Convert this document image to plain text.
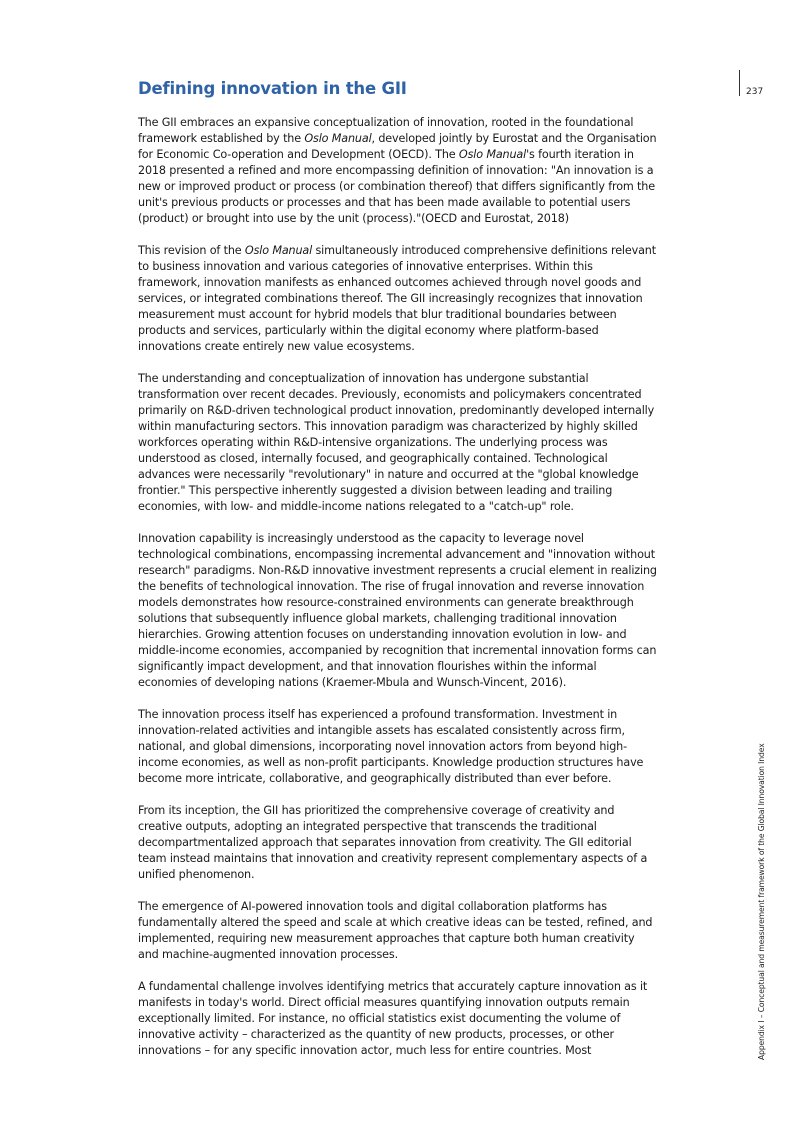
Defining innovation in the GII	237

The GII embraces an expansive conceptualization of innovation, rooted in the foundational framework established by the Oslo Manual, developed jointly by Eurostat and the Organisation for Economic Co-operation and Development (OECD). The Oslo Manual's fourth iteration in 2018 presented a refined and more encompassing definition of innovation: "An innovation is a new or improved product or process (or combination thereof) that differs significantly from the unit's previous products or processes and that has been made available to potential users (product) or brought into use by the unit (process)."(OECD and Eurostat, 2018)

This revision of the Oslo Manual simultaneously introduced comprehensive definitions relevant to business innovation and various categories of innovative enterprises. Within this framework, innovation manifests as enhanced outcomes achieved through novel goods and services, or integrated combinations thereof. The GII increasingly recognizes that innovation measurement must account for hybrid models that blur traditional boundaries between products and services, particularly within the digital economy where platform-based innovations create entirely new value ecosystems.

The understanding and conceptualization of innovation has undergone substantial transformation over recent decades. Previously, economists and policymakers concentrated primarily on R&D-driven technological product innovation, predominantly developed internally within manufacturing sectors. This innovation paradigm was characterized by highly skilled workforces operating within R&D-intensive organizations. The underlying process was understood as closed, internally focused, and geographically contained. Technological advances were necessarily "revolutionary" in nature and occurred at the "global knowledge frontier." This perspective inherently suggested a division between leading and trailing economies, with low- and middle-income nations relegated to a "catch-up" role.

Innovation capability is increasingly understood as the capacity to leverage novel technological combinations, encompassing incremental advancement and "innovation without research" paradigms. Non-R&D innovative investment represents a crucial element in realizing the benefits of technological innovation. The rise of frugal innovation and reverse innovation models demonstrates how resource-constrained environments can generate breakthrough solutions that subsequently influence global markets, challenging traditional innovation hierarchies. Growing attention focuses on understanding innovation evolution in low- and middle-income economies, accompanied by recognition that incremental innovation forms can significantly impact development, and that innovation flourishes within the informal economies of developing nations (Kraemer-Mbula and Wunsch-Vincent, 2016).

The innovation process itself has experienced a profound transformation. Investment in innovation-related activities and intangible assets has escalated consistently across firm, national, and global dimensions, incorporating novel innovation actors from beyond high-income economies, as well as non-profit participants. Knowledge production structures have become more intricate, collaborative, and geographically distributed than ever before.

From its inception, the GII has prioritized the comprehensive coverage of creativity and creative outputs, adopting an integrated perspective that transcends the traditional decompartmentalized approach that separates innovation from creativity. The GII editorial team instead maintains that innovation and creativity represent complementary aspects of a unified phenomenon.

The emergence of AI-powered innovation tools and digital collaboration platforms has fundamentally altered the speed and scale at which creative ideas can be tested, refined, and implemented, requiring new measurement approaches that capture both human creativity and machine-augmented innovation processes.

A fundamental challenge involves identifying metrics that accurately capture innovation as it manifests in today's world. Direct official measures quantifying innovation outputs remain exceptionally limited. For instance, no official statistics exist documenting the volume of innovative activity – characterized as the quantity of new products, processes, or other innovations – for any specific innovation actor, much less for entire countries. Most	Appendix I – Conceptual and measurement framework of the Global Innovation Index
